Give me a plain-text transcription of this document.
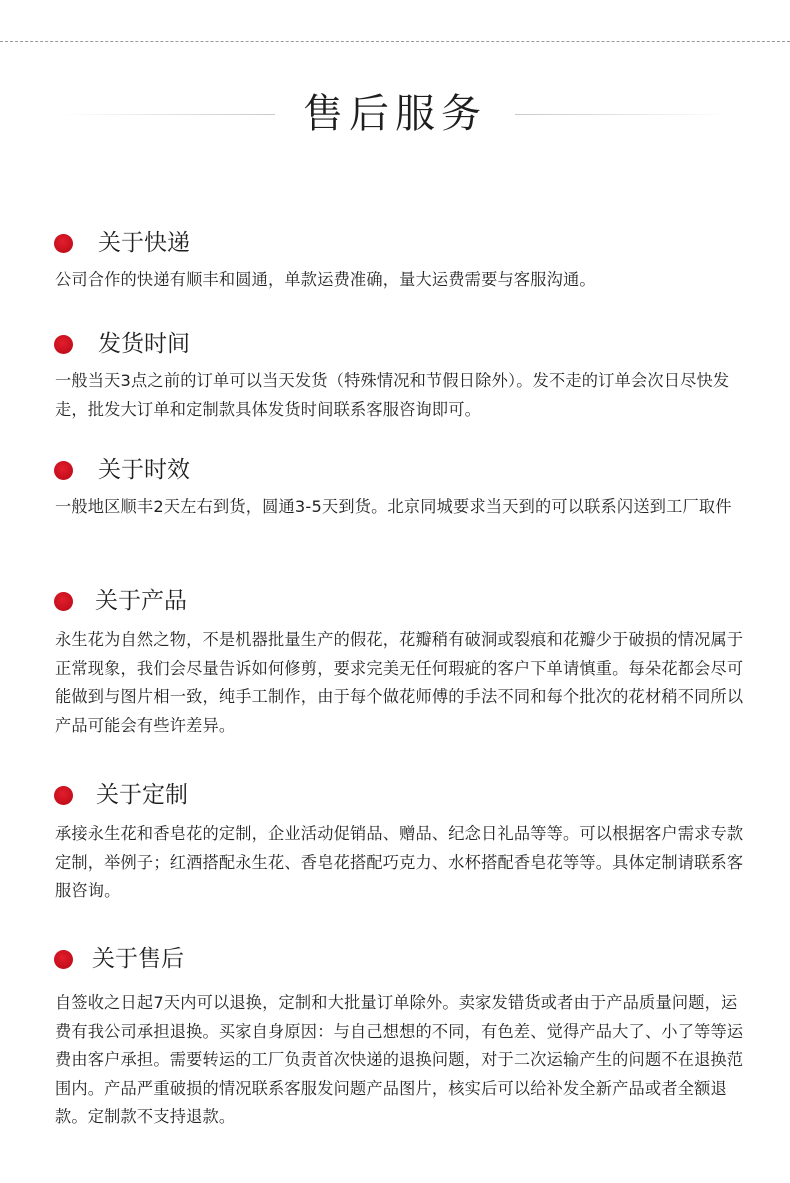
售后服务
关于快递

公司合作的快递有顺丰和圆通，单款运费准确，量大运费需要与客服沟通。

发货时间

一般当天3点之前的订单可以当天发货（特殊情况和节假日除外）。发不走的订单会次日尽快发走，批发大订单和定制款具体发货时间联系客服咨询即可。

关于时效

一般地区顺丰2天左右到货，圆通3-5天到货。北京同城要求当天到的可以联系闪送到工厂取件

关于产品

永生花为自然之物，不是机器批量生产的假花，花瓣稍有破洞或裂痕和花瓣少于破损的情况属于正常现象，我们会尽量告诉如何修剪，要求完美无任何瑕疵的客户下单请慎重。每朵花都会尽可能做到与图片相一致，纯手工制作，由于每个做花师傅的手法不同和每个批次的花材稍不同所以产品可能会有些许差异。

关于定制

承接永生花和香皂花的定制，企业活动促销品、赠品、纪念日礼品等等。可以根据客户需求专款定制，举例子；红酒搭配永生花、香皂花搭配巧克力、水杯搭配香皂花等等。具体定制请联系客服咨询。

关于售后

自签收之日起7天内可以退换，定制和大批量订单除外。卖家发错货或者由于产品质量问题，运费有我公司承担退换。买家自身原因：与自己想想的不同，有色差、觉得产品大了、小了等等运费由客户承担。需要转运的工厂负责首次快递的退换问题，对于二次运输产生的问题不在退换范围内。产品严重破损的情况联系客服发问题产品图片，核实后可以给补发全新产品或者全额退款。定制款不支持退款。
